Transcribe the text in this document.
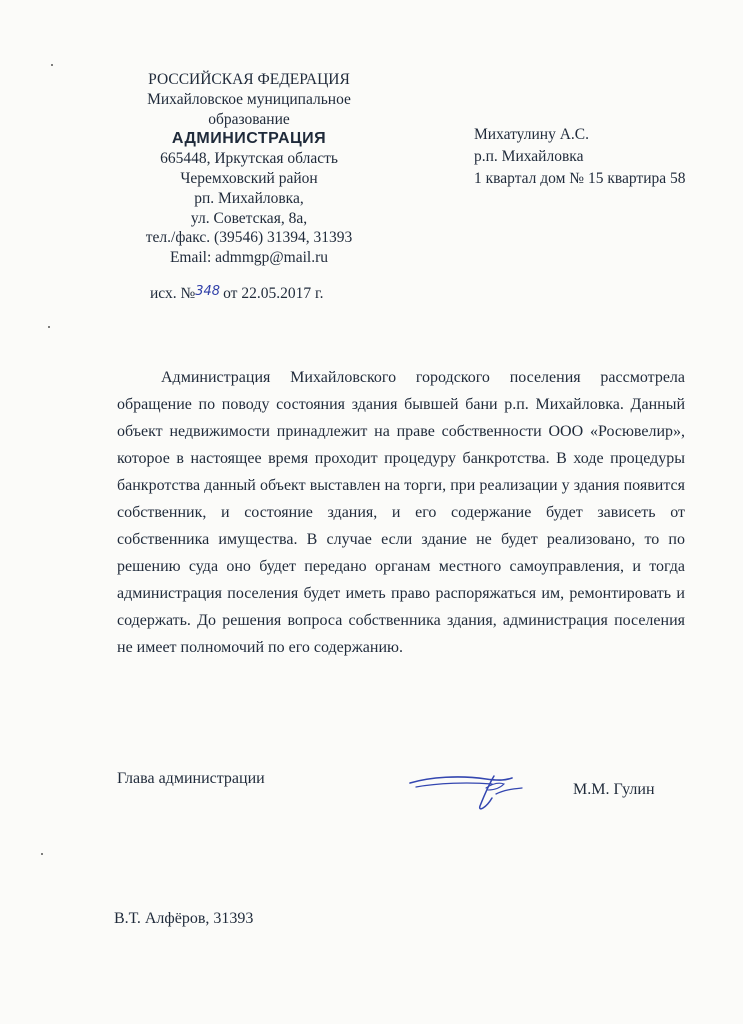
РОССИЙСКАЯ ФЕДЕРАЦИЯ
Михайловское муниципальное
образование
АДМИНИСТРАЦИЯ
665448, Иркутская область
Черемховский район
рп. Михайловка,
ул. Советская, 8а,
тел./факс. (39546) 31394, 31393
Email: admmgp@mail.ru
исх. №348 от 22.05.2017 г.
Михатулину А.С.
р.п. Михайловка
1 квартал дом № 15 квартира 58

Администрация Михайловского городского поселения рассмотрела обращение по поводу состояния здания бывшей бани р.п. Михайловка. Данный объект недвижимости принадлежит на праве собственности ООО «Росювелир», которое в настоящее время проходит процедуру банкротства. В ходе процедуры банкротства данный объект выставлен на торги, при реализации у здания появится собственник, и состояние здания, и его содержание будет зависеть от собственника имущества. В случае если здание не будет реализовано, то по решению суда оно будет передано органам местного самоуправления, и тогда администрация поселения будет иметь право распоряжаться им, ремонтировать и содержать. До решения вопроса собственника здания, администрация поселения не имеет полномочий по его содержанию.

Глава администрации
М.М. Гулин
В.Т. Алфёров, 31393
